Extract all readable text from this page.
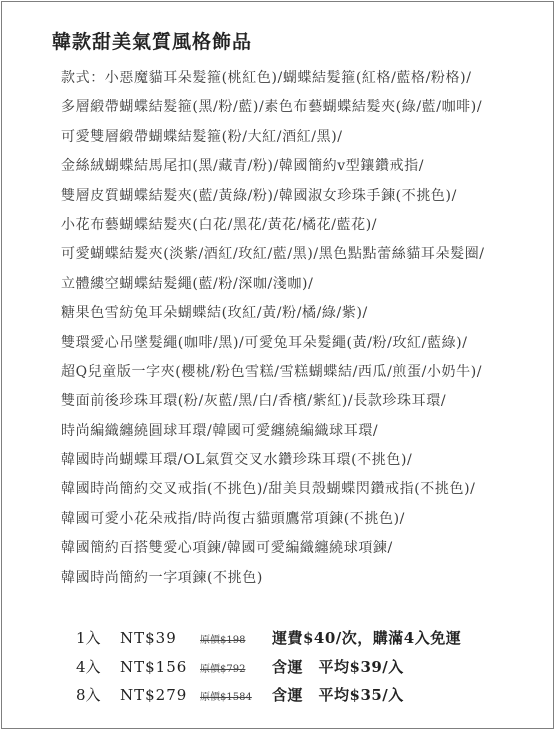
韓款甜美氣質風格飾品
款式：小惡魔貓耳朵髮箍(桃紅色)/蝴蝶結髮箍(紅格/藍格/粉格)/
多層緞帶蝴蝶結髮箍(黑/粉/藍)/素色布藝蝴蝶結髮夾(綠/藍/咖啡)/
可愛雙層緞帶蝴蝶結髮箍(粉/大紅/酒紅/黑)/
金絲絨蝴蝶結馬尾扣(黑/藏青/粉)/韓國簡約v型鑲鑽戒指/
雙層皮質蝴蝶結髮夾(藍/黃綠/粉)/韓國淑女珍珠手鍊(不挑色)/
小花布藝蝴蝶結髮夾(白花/黑花/黃花/橘花/藍花)/
可愛蝴蝶結髮夾(淡紫/酒紅/玫紅/藍/黑)/黑色點點蕾絲貓耳朵髮圈/
立體縷空蝴蝶結髮繩(藍/粉/深咖/淺咖)/
糖果色雪紡兔耳朵蝴蝶結(玫紅/黃/粉/橘/綠/紫)/
雙環愛心吊墜髮繩(咖啡/黑)/可愛兔耳朵髮繩(黃/粉/玫紅/藍綠)/
超Q兒童版一字夾(櫻桃/粉色雪糕/雪糕蝴蝶結/西瓜/煎蛋/小奶牛)/
雙面前後珍珠耳環(粉/灰藍/黑/白/香檳/紫紅)/長款珍珠耳環/
時尚編織纏繞圓球耳環/韓國可愛纏繞編織球耳環/
韓國時尚蝴蝶耳環/OL氣質交叉水鑽珍珠耳環(不挑色)/
韓國時尚簡約交叉戒指(不挑色)/甜美貝殼蝴蝶閃鑽戒指(不挑色)/
韓國可愛小花朵戒指/時尚復古貓頭鷹常項鍊(不挑色)/
韓國簡約百搭雙愛心項鍊/韓國可愛編織纏繞球項鍊/
韓國時尚簡約一字項鍊(不挑色)
1入 NT$39 原價$198 運費$40/次，購滿4入免運
4入 NT$156 原價$792 含運　平均$39/入
8入 NT$279 原價$1584 含運　平均$35/入
